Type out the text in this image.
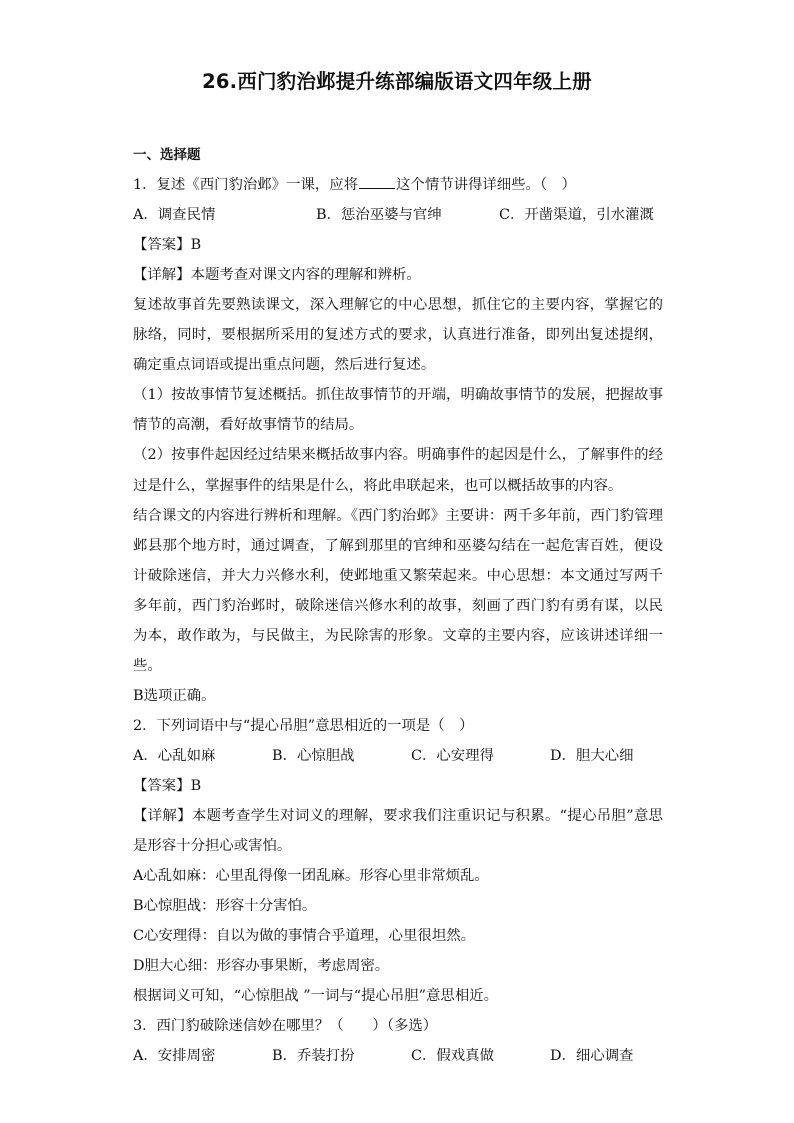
26.西门豹治邺提升练部编版语文四年级上册
一、选择题
1．复述《西门豹治邺》一课，应将	这个情节讲得详细些。（　）
A．调查民情	B．惩治巫婆与官绅	C．开凿渠道，引水灌溉
【答案】B
【详解】本题考查对课文内容的理解和辨析。
复述故事首先要熟读课文，深入理解它的中心思想，抓住它的主要内容，掌握它的脉络，同时，要根据所采用的复述方式的要求，认真进行准备，即列出复述提纲，确定重点词语或提出重点问题，然后进行复述。
（1）按故事情节复述概括。抓住故事情节的开端，明确故事情节的发展，把握故事情节的高潮，看好故事情节的结局。
（2）按事件起因经过结果来概括故事内容。明确事件的起因是什么，了解事件的经过是什么，掌握事件的结果是什么，将此串联起来，也可以概括故事的内容。
结合课文的内容进行辨析和理解。《西门豹治邺》主要讲：两千多年前，西门豹管理邺县那个地方时，通过调查，了解到那里的官绅和巫婆勾结在一起危害百姓，便设计破除迷信，并大力兴修水利，使邺地重又繁荣起来。中心思想：本文通过写两千多年前，西门豹治邺时，破除迷信兴修水利的故事，刻画了西门豹有勇有谋，以民为本，敢作敢为，与民做主，为民除害的形象。文章的主要内容，应该讲述详细一些。
B选项正确。
2．下列词语中与“提心吊胆”意思相近的一项是（　）
A．心乱如麻	B．心惊胆战	C．心安理得	D．胆大心细
【答案】B
【详解】本题考查学生对词义的理解，要求我们注重识记与积累。“提心吊胆”意思是形容十分担心或害怕。
A心乱如麻：心里乱得像一团乱麻。形容心里非常烦乱。
B心惊胆战：形容十分害怕。
C心安理得：自以为做的事情合乎道理，心里很坦然。
D胆大心细：形容办事果断，考虑周密。
根据词义可知，“心惊胆战 ”一词与“提心吊胆”意思相近。
3．西门豹破除迷信妙在哪里？（　　）（多选）
A．安排周密	B．乔装打扮	C．假戏真做	D．细心调查
